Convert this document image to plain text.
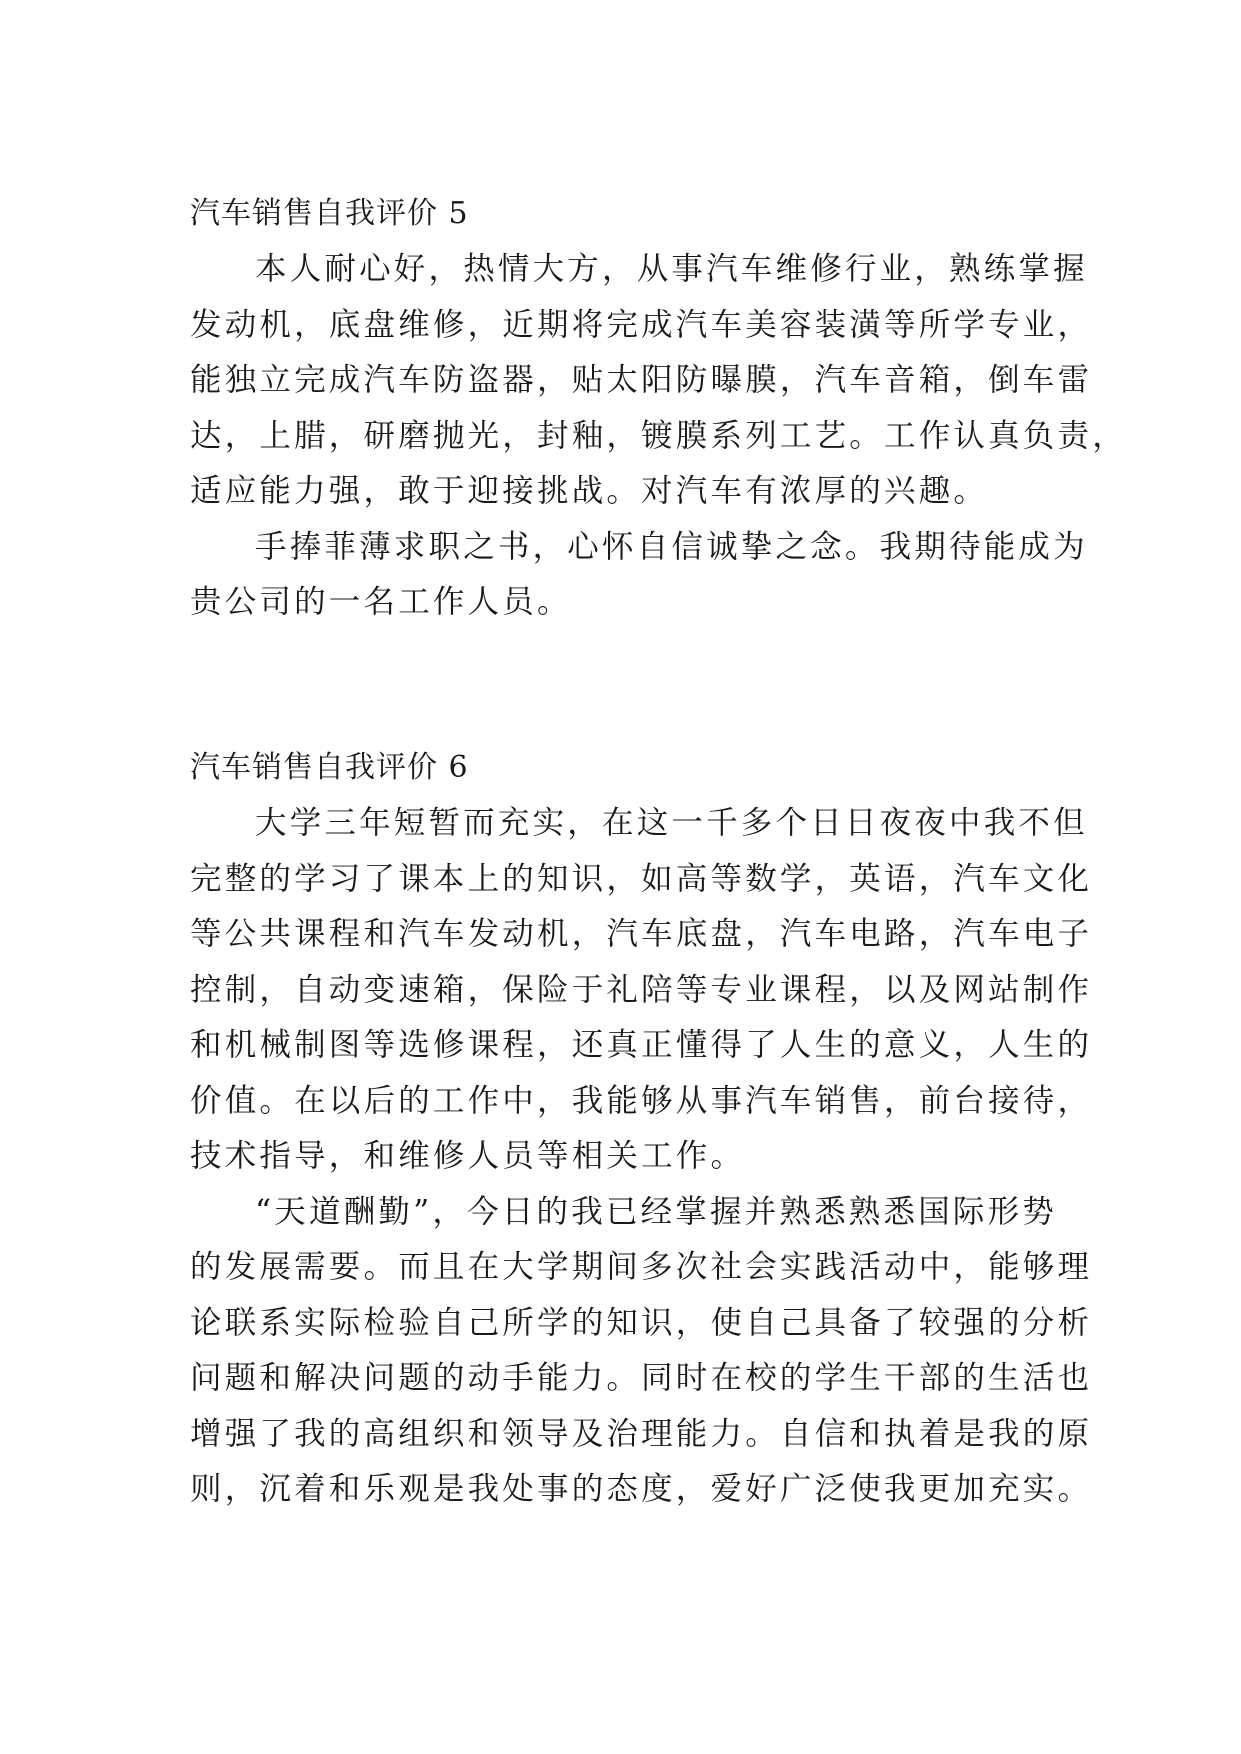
汽车销售自我评价 5
本人耐心好，热情大方，从事汽车维修行业，熟练掌握
发动机，底盘维修，近期将完成汽车美容装潢等所学专业，
能独立完成汽车防盗器，贴太阳防曝膜，汽车音箱，倒车雷
达，上腊，研磨抛光，封釉，镀膜系列工艺。工作认真负责，
适应能力强，敢于迎接挑战。对汽车有浓厚的兴趣。
手捧菲薄求职之书，心怀自信诚挚之念。我期待能成为
贵公司的一名工作人员。
汽车销售自我评价 6
大学三年短暂而充实，在这一千多个日日夜夜中我不但
完整的学习了课本上的知识，如高等数学，英语，汽车文化
等公共课程和汽车发动机，汽车底盘，汽车电路，汽车电子
控制，自动变速箱，保险于礼陪等专业课程，以及网站制作
和机械制图等选修课程，还真正懂得了人生的意义，人生的
价值。在以后的工作中，我能够从事汽车销售，前台接待，
技术指导，和维修人员等相关工作。
“天道酬勤”，今日的我已经掌握并熟悉熟悉国际形势
的发展需要。而且在大学期间多次社会实践活动中，能够理
论联系实际检验自己所学的知识，使自己具备了较强的分析
问题和解决问题的动手能力。同时在校的学生干部的生活也
增强了我的高组织和领导及治理能力。自信和执着是我的原
则，沉着和乐观是我处事的态度，爱好广泛使我更加充实。
